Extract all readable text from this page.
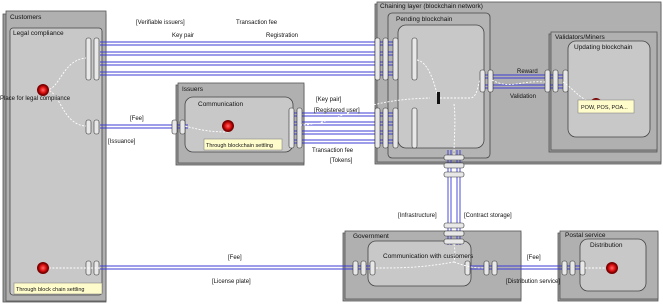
Customers
Legal compliance
Issuers
Communication
Chaining layer (blockchain network)
Pending blockchain
Validators/Miners
Updating blockchain
Government
Communication with customers
Postal service
Distribution
POW, POS, POA...
Through blockchain settling
Through block chain settling
Place for legal compliance
[Verifiable issuers]
Key pair
Transaction fee
Registration
[Fee]
[Issuance]
[Key pair]
[Registered user]
Transaction fee
[Tokens]
Reward
Validation
[Infrastructure]	[Contract storage]
[Fee]
[License plate]
[Fee]
[Distribution service]
